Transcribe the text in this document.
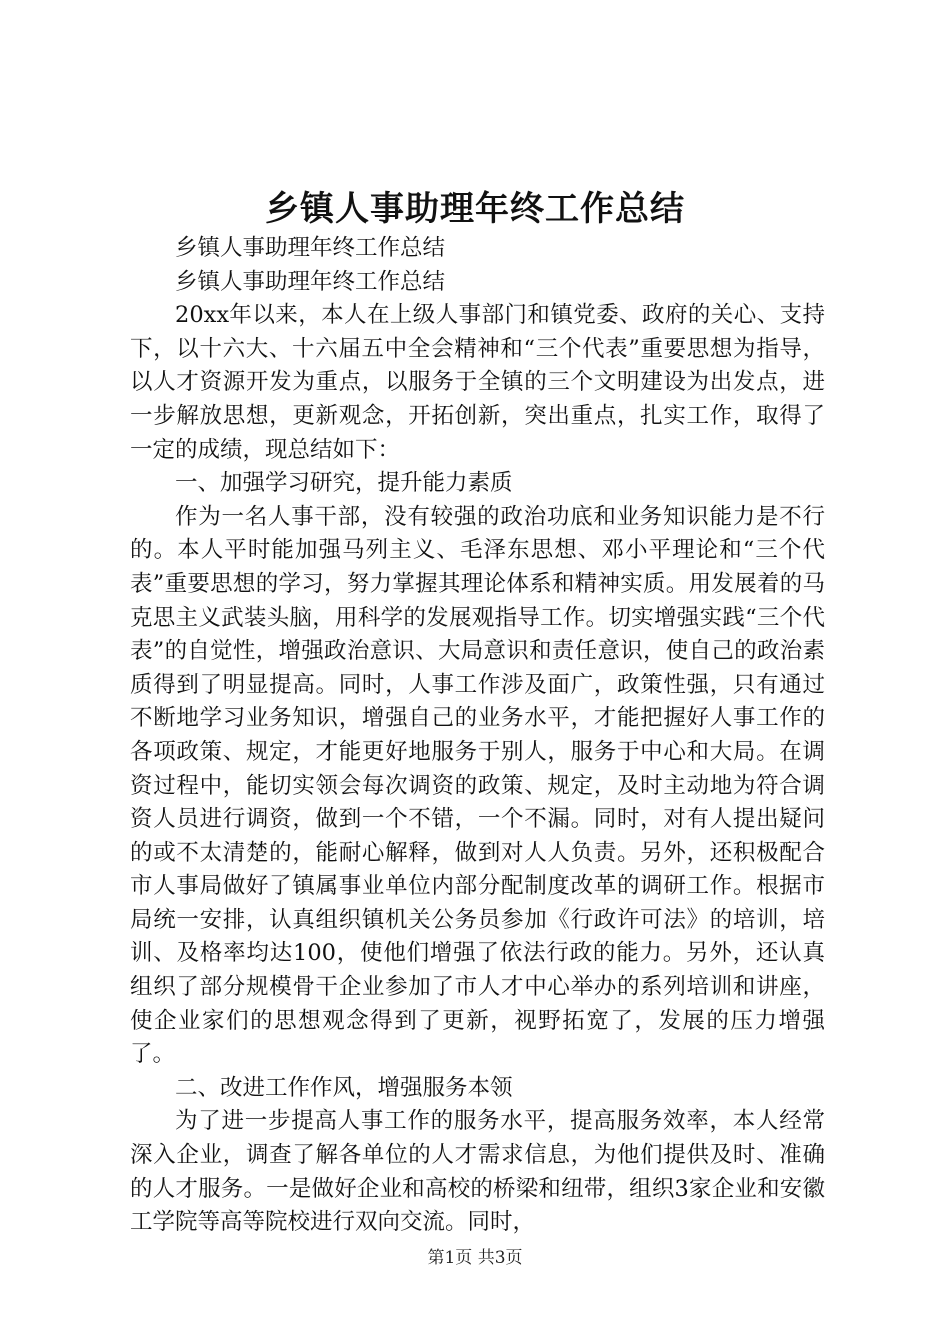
乡镇人事助理年终工作总结

乡镇人事助理年终工作总结

乡镇人事助理年终工作总结

20xx年以来，本人在上级人事部门和镇党委、政府的关心、支持下，以十六大、十六届五中全会精神和“三个代表”重要思想为指导，以人才资源开发为重点，以服务于全镇的三个文明建设为出发点，进一步解放思想，更新观念，开拓创新，突出重点，扎实工作，取得了一定的成绩，现总结如下：

一、加强学习研究，提升能力素质

作为一名人事干部，没有较强的政治功底和业务知识能力是不行的。本人平时能加强马列主义、毛泽东思想、邓小平理论和“三个代表”重要思想的学习，努力掌握其理论体系和精神实质。用发展着的马克思主义武装头脑，用科学的发展观指导工作。切实增强实践“三个代表”的自觉性，增强政治意识、大局意识和责任意识，使自己的政治素质得到了明显提高。同时，人事工作涉及面广，政策性强，只有通过不断地学习业务知识，增强自己的业务水平，才能把握好人事工作的各项政策、规定，才能更好地服务于别人，服务于中心和大局。在调资过程中，能切实领会每次调资的政策、规定，及时主动地为符合调资人员进行调资，做到一个不错，一个不漏。同时，对有人提出疑问的或不太清楚的，能耐心解释，做到对人人负责。另外，还积极配合市人事局做好了镇属事业单位内部分配制度改革的调研工作。根据市局统一安排，认真组织镇机关公务员参加《行政许可法》的培训，培训、及格率均达100，使他们增强了依法行政的能力。另外，还认真组织了部分规模骨干企业参加了市人才中心举办的系列培训和讲座，使企业家们的思想观念得到了更新，视野拓宽了，发展的压力增强了。

二、改进工作作风，增强服务本领

为了进一步提高人事工作的服务水平，提高服务效率，本人经常深入企业，调查了解各单位的人才需求信息，为他们提供及时、准确的人才服务。一是做好企业和高校的桥梁和纽带，组织3家企业和安徽工学院等高等院校进行双向交流。同时，

第1页 共3页
